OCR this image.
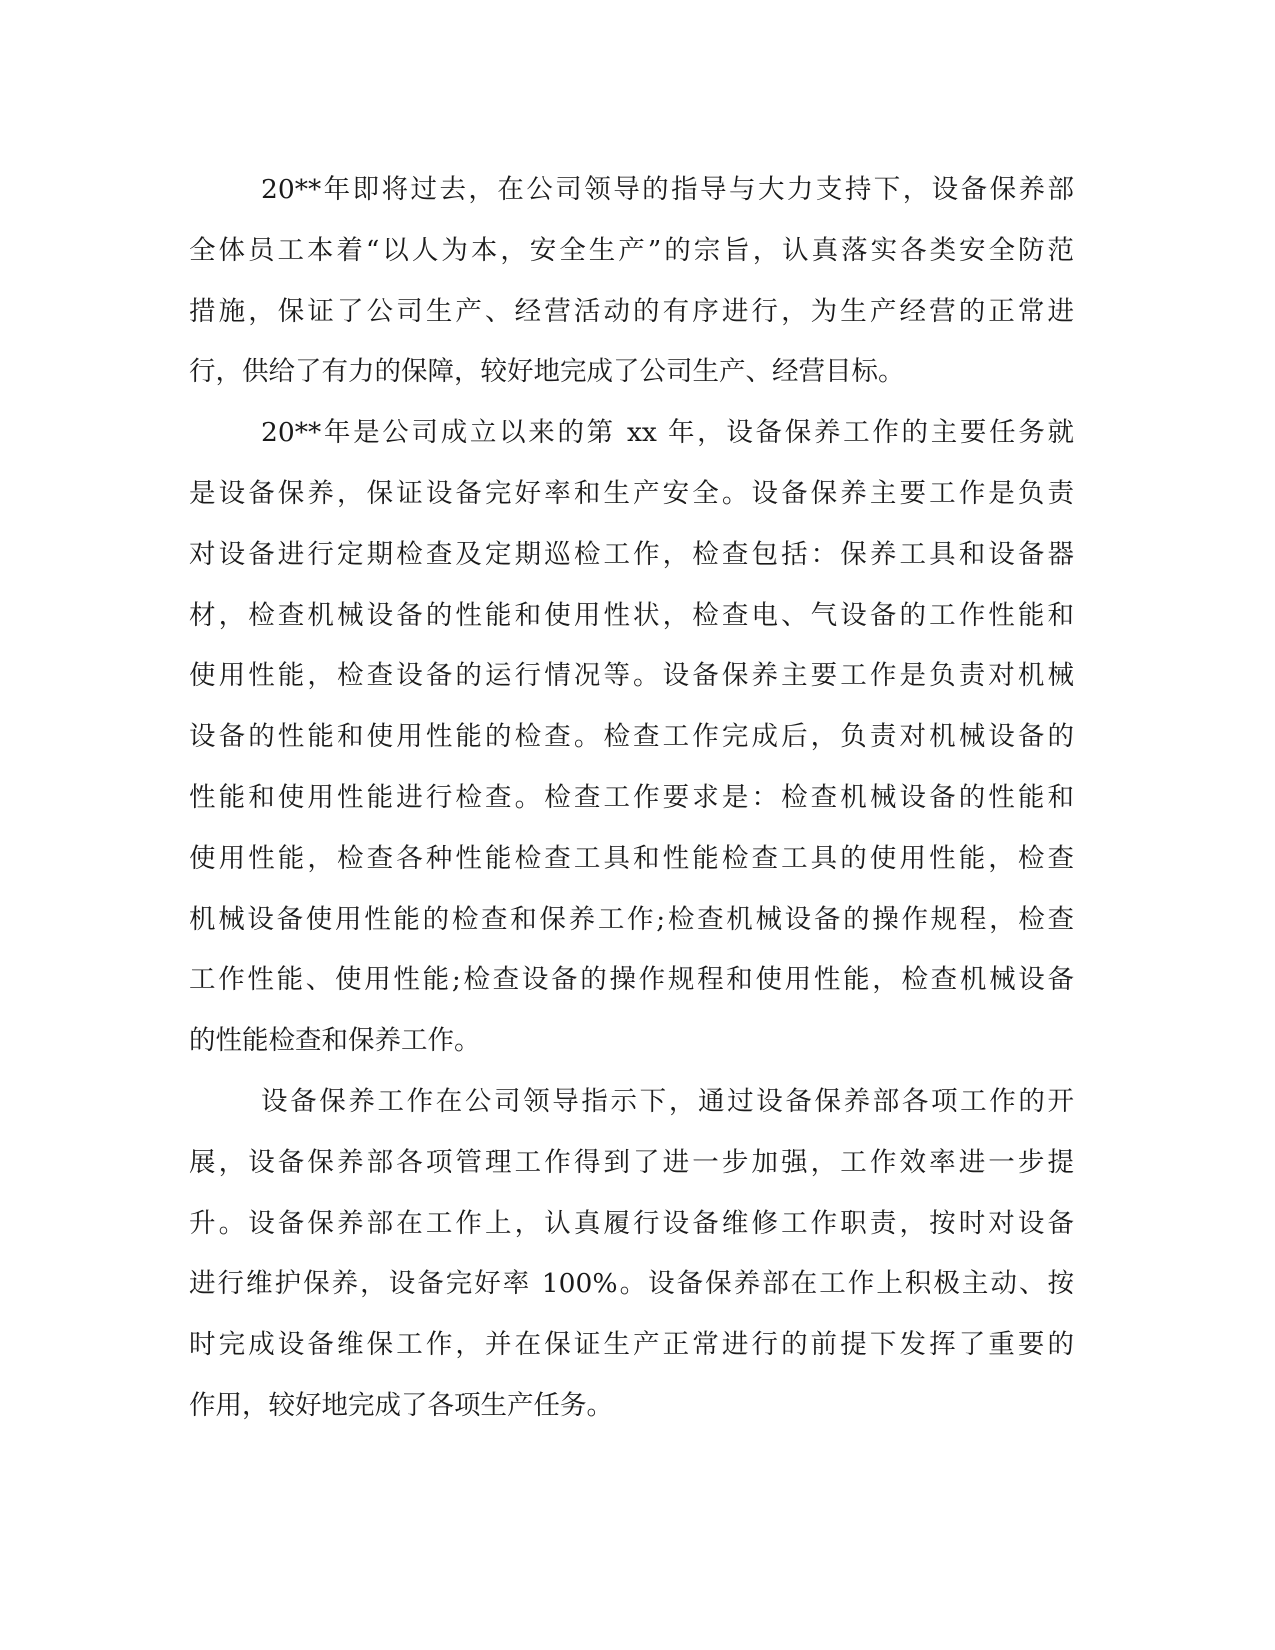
20**年即将过去，在公司领导的指导与大力支持下，设备保养部
全体员工本着“以人为本，安全生产”的宗旨，认真落实各类安全防范
措施，保证了公司生产、经营活动的有序进行，为生产经营的正常进
行，供给了有力的保障，较好地完成了公司生产、经营目标。
20**年是公司成立以来的第 xx 年，设备保养工作的主要任务就
是设备保养，保证设备完好率和生产安全。设备保养主要工作是负责
对设备进行定期检查及定期巡检工作，检查包括：保养工具和设备器
材，检查机械设备的性能和使用性状，检查电、气设备的工作性能和
使用性能，检查设备的运行情况等。设备保养主要工作是负责对机械
设备的性能和使用性能的检查。检查工作完成后，负责对机械设备的
性能和使用性能进行检查。检查工作要求是：检查机械设备的性能和
使用性能，检查各种性能检查工具和性能检查工具的使用性能，检查
机械设备使用性能的检查和保养工作;检查机械设备的操作规程，检查
工作性能、使用性能;检查设备的操作规程和使用性能，检查机械设备
的性能检查和保养工作。
设备保养工作在公司领导指示下，通过设备保养部各项工作的开
展，设备保养部各项管理工作得到了进一步加强，工作效率进一步提
升。设备保养部在工作上，认真履行设备维修工作职责，按时对设备
进行维护保养，设备完好率 100%。设备保养部在工作上积极主动、按
时完成设备维保工作，并在保证生产正常进行的前提下发挥了重要的
作用，较好地完成了各项生产任务。
